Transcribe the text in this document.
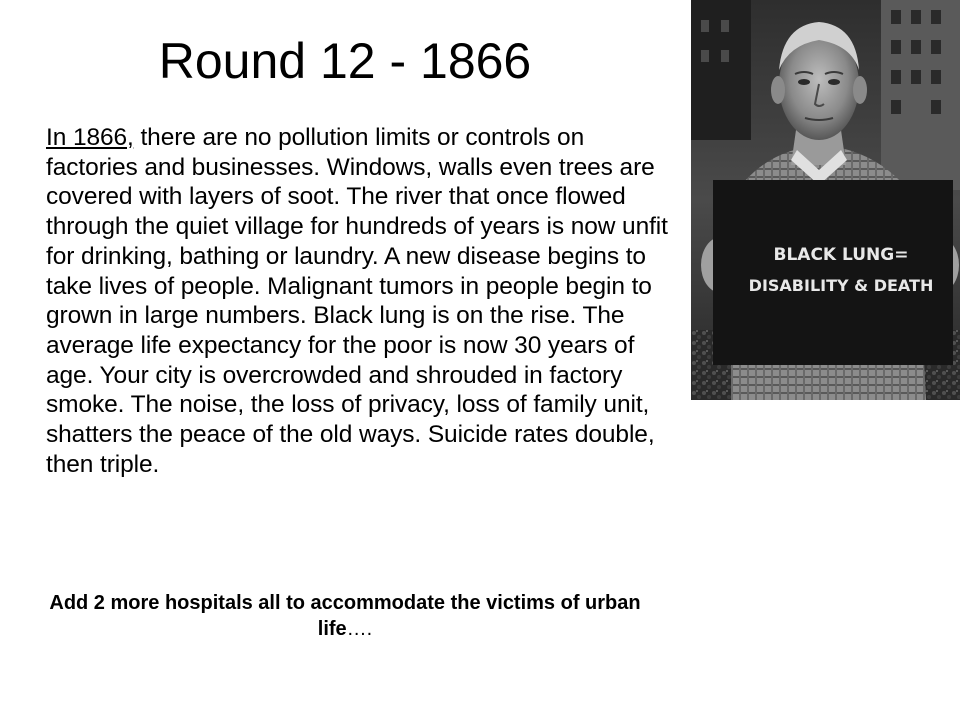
Round 12 - 1866

In 1866, there are no pollution limits or controls on factories and businesses. Windows, walls even trees are covered with layers of soot. The river that once flowed through the quiet village for hundreds of years is now unfit for drinking, bathing or laundry. A new disease begins to take lives of people. Malignant tumors in people begin to grown in large numbers. Black lung is on the rise. The average life expectancy for the poor is now 30 years of age. Your city is overcrowded and shrouded in factory smoke. The noise, the loss of privacy, loss of family unit, shatters the peace of the old ways. Suicide rates double, then triple.

Add 2 more hospitals all to accommodate the victims of urban life….

BLACK LUNG=
DISABILITY & DEATH
